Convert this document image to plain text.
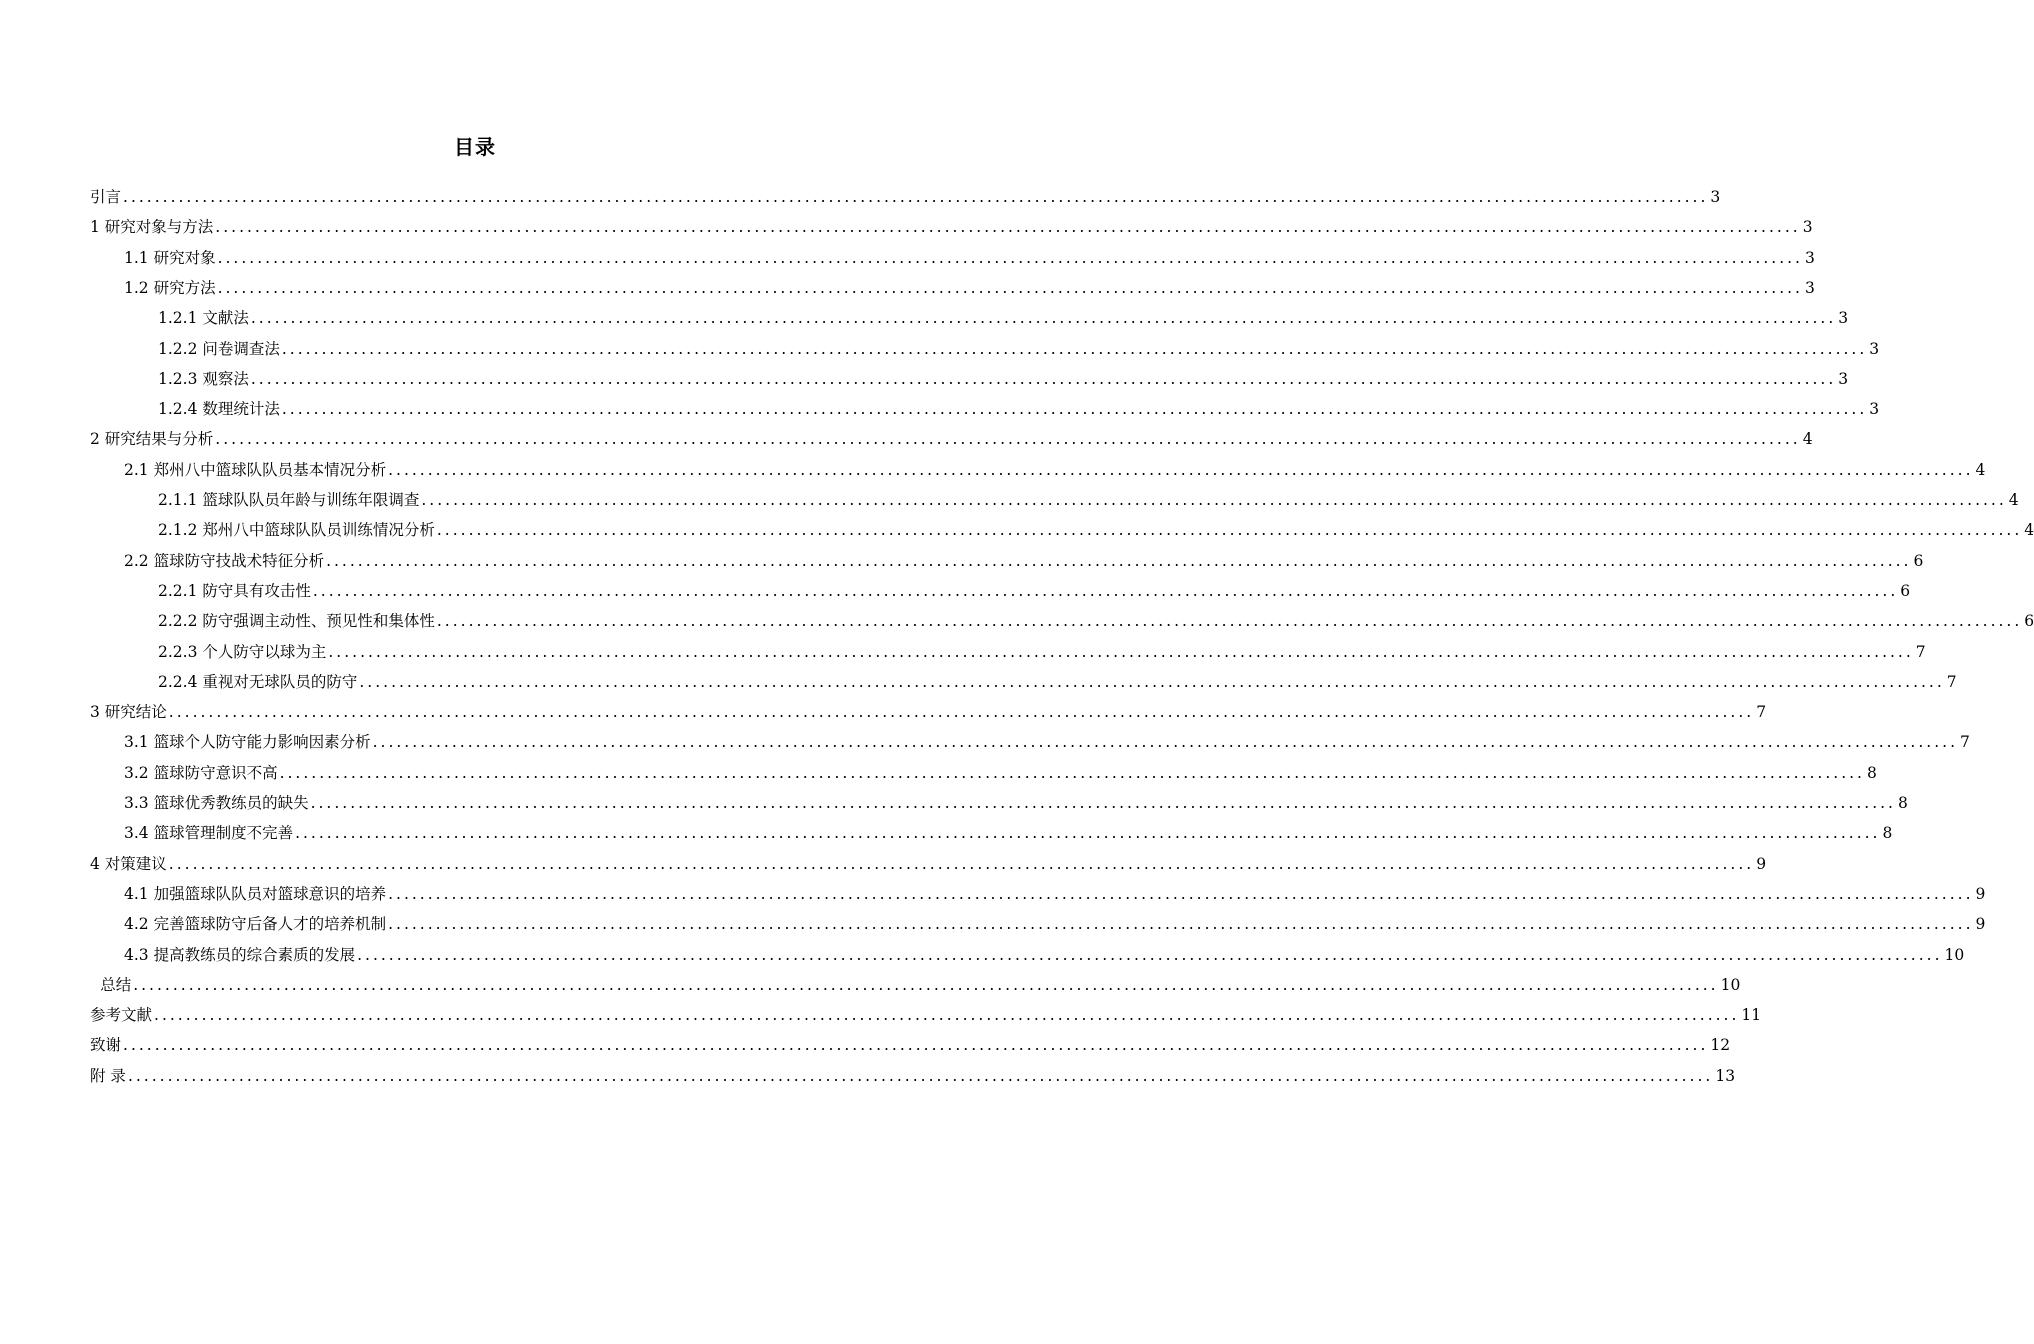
目录
引言 ........................................................................................................................................................................................................ 3
1 研究对象与方法 ........................................................................................................................................................................................................ 3
1.1 研究对象 ........................................................................................................................................................................................................ 3
1.2 研究方法 ........................................................................................................................................................................................................ 3
1.2.1 文献法 ........................................................................................................................................................................................................ 3
1.2.2 问卷调查法 ........................................................................................................................................................................................................ 3
1.2.3 观察法 ........................................................................................................................................................................................................ 3
1.2.4 数理统计法 ........................................................................................................................................................................................................ 3
2 研究结果与分析 ........................................................................................................................................................................................................ 4
2.1 郑州八中篮球队队员基本情况分析 ........................................................................................................................................................................................................ 4
2.1.1 篮球队队员年龄与训练年限调查 ........................................................................................................................................................................................................ 4
2.1.2 郑州八中篮球队队员训练情况分析 ........................................................................................................................................................................................................ 4
2.2 篮球防守技战术特征分析 ........................................................................................................................................................................................................ 6
2.2.1 防守具有攻击性 ........................................................................................................................................................................................................ 6
2.2.2 防守强调主动性、预见性和集体性 ........................................................................................................................................................................................................ 6
2.2.3 个人防守以球为主 ........................................................................................................................................................................................................ 7
2.2.4 重视对无球队员的防守 ........................................................................................................................................................................................................ 7
3 研究结论 ........................................................................................................................................................................................................ 7
3.1 篮球个人防守能力影响因素分析 ........................................................................................................................................................................................................ 7
3.2 篮球防守意识不高 ........................................................................................................................................................................................................ 8
3.3 篮球优秀教练员的缺失 ........................................................................................................................................................................................................ 8
3.4 篮球管理制度不完善 ........................................................................................................................................................................................................ 8
4 对策建议 ........................................................................................................................................................................................................ 9
4.1 加强篮球队队员对篮球意识的培养 ........................................................................................................................................................................................................ 9
4.2 完善篮球防守后备人才的培养机制 ........................................................................................................................................................................................................ 9
4.3 提高教练员的综合素质的发展 ........................................................................................................................................................................................................ 10
总结 ........................................................................................................................................................................................................ 10
参考文献 ........................................................................................................................................................................................................ 11
致谢 ........................................................................................................................................................................................................ 12
附 录 ........................................................................................................................................................................................................ 13
